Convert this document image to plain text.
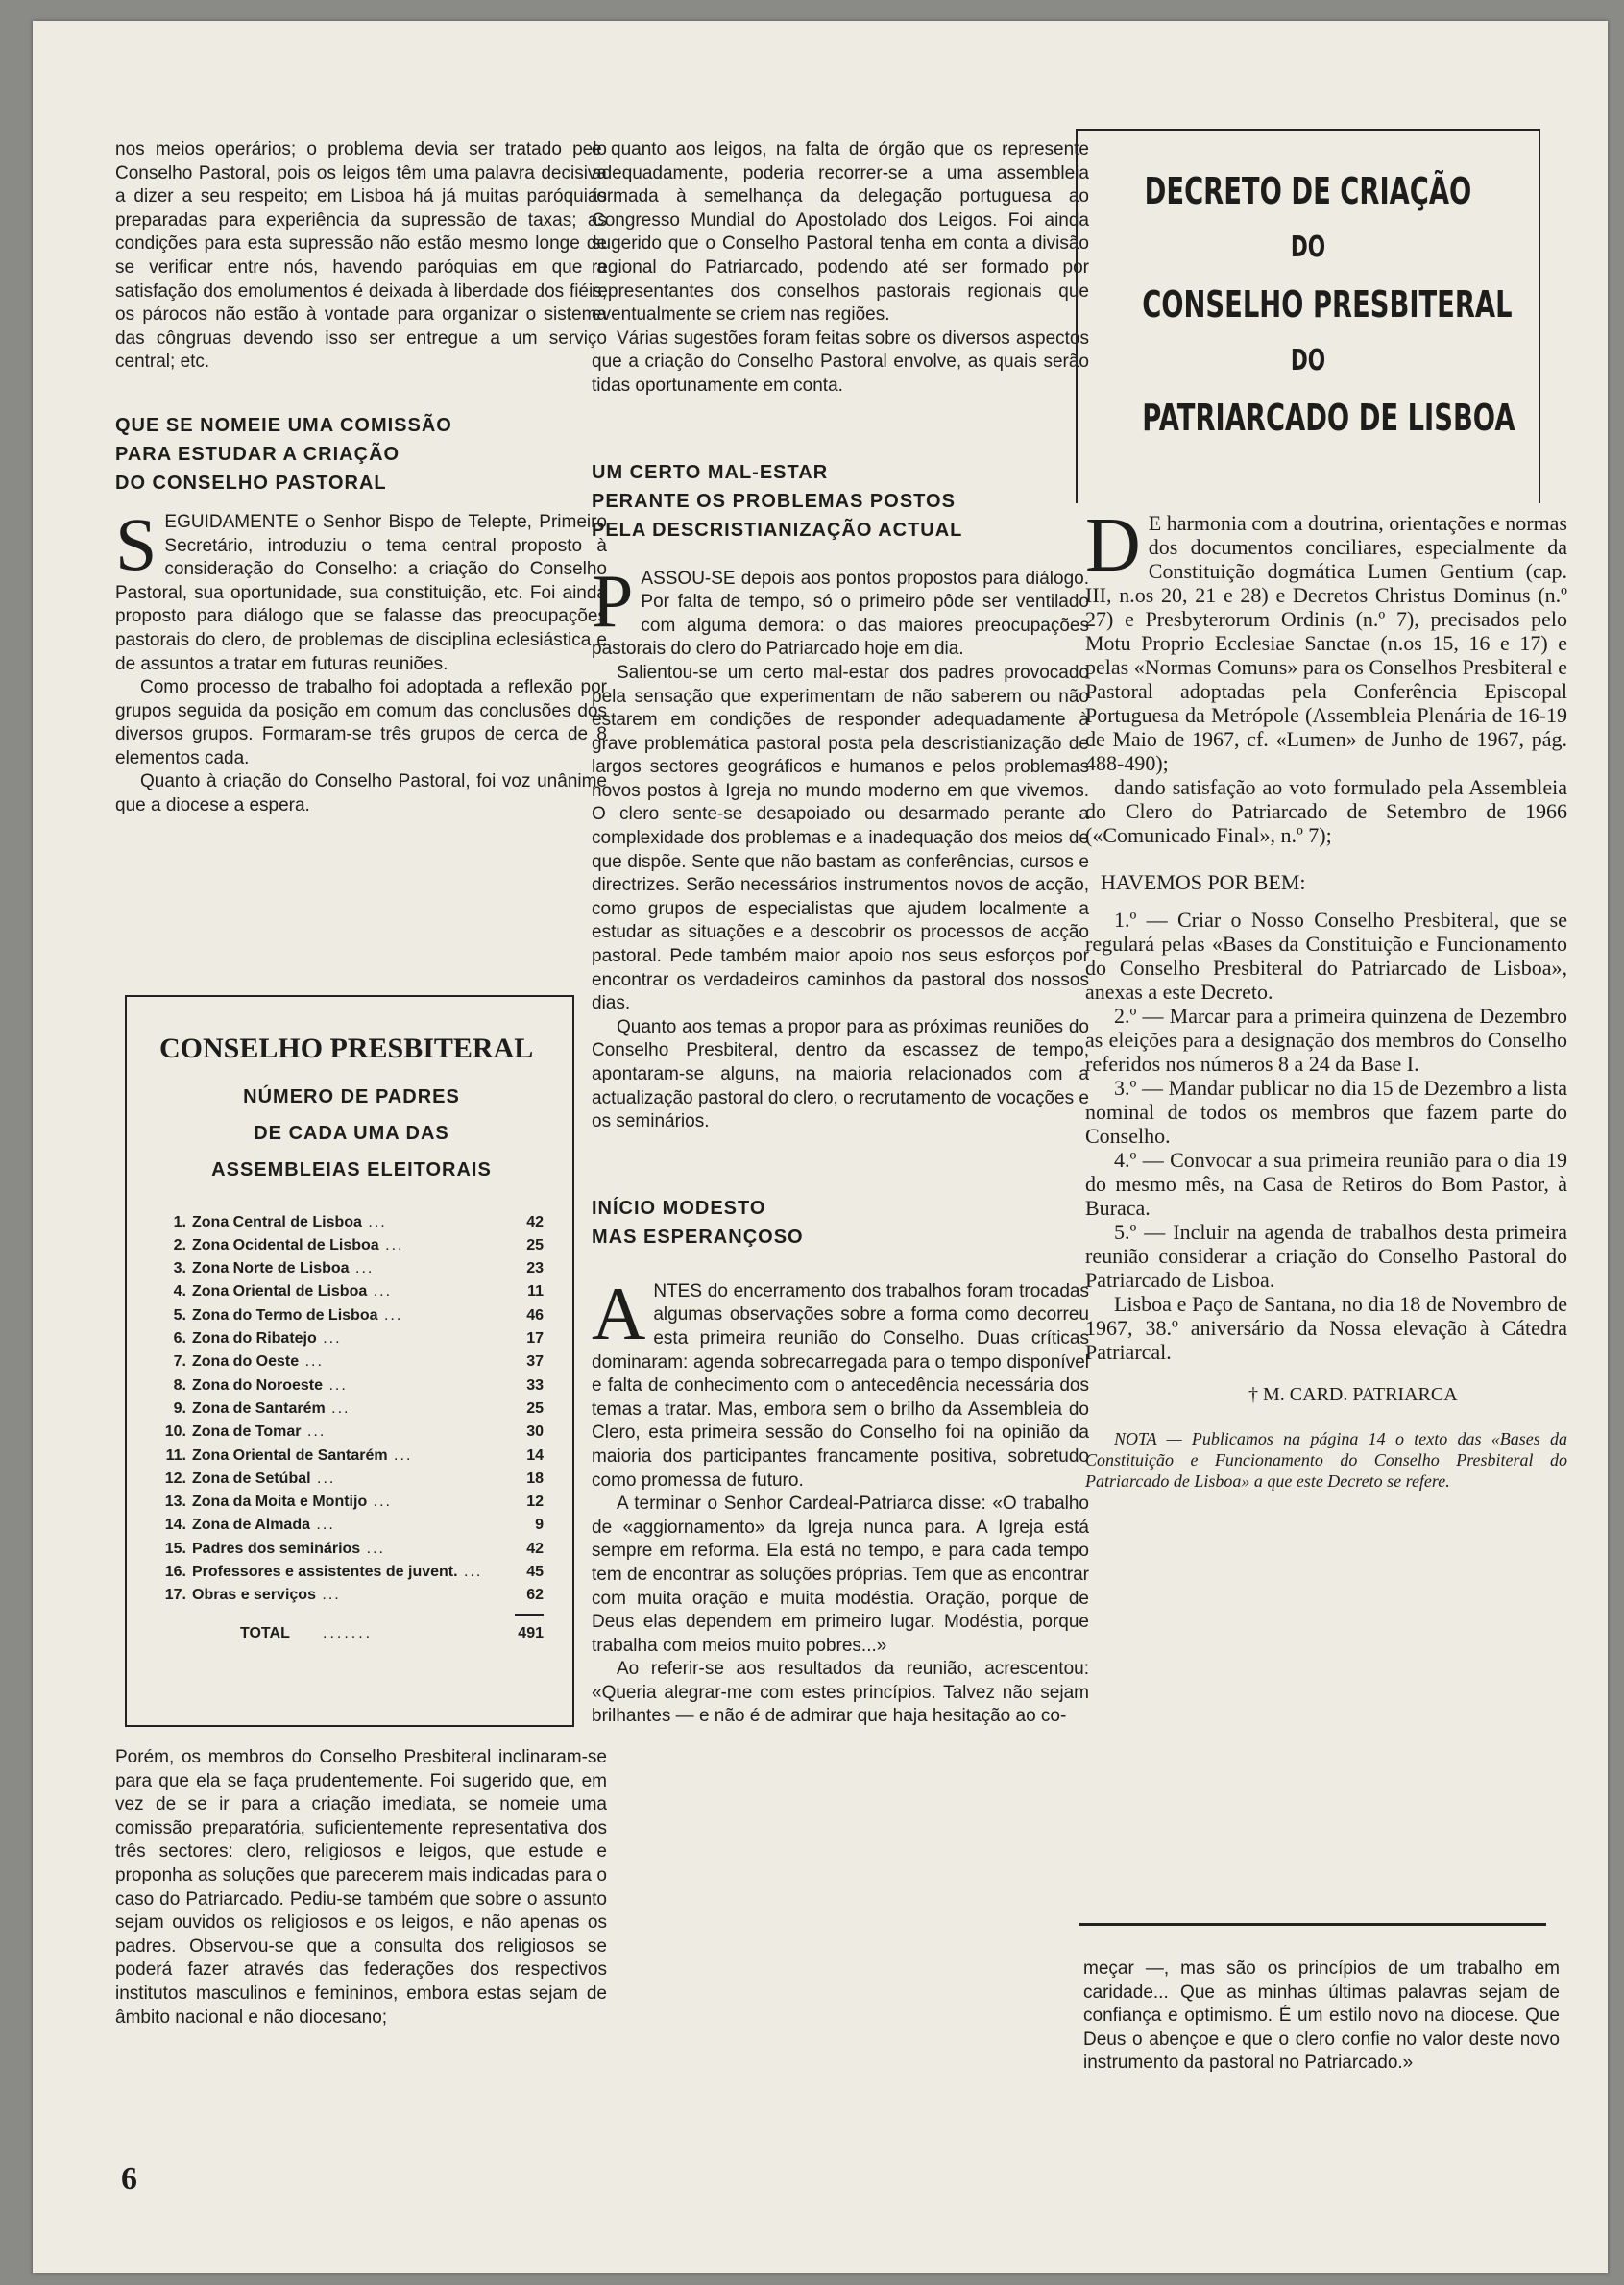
nos meios operários; o problema devia ser tratado pelo Conselho Pastoral, pois os leigos têm uma palavra decisiva a dizer a seu respeito; em Lisboa há já muitas paróquias preparadas para experiência da supressão de taxas; as condições para esta supressão não estão mesmo longe de se verificar entre nós, havendo paróquias em que a satisfação dos emolumentos é deixada à liberdade dos fiéis; os párocos não estão à vontade para organizar o sistema das côngruas devendo isso ser entregue a um serviço central; etc.

QUE SE NOMEIE UMA COMISSÃO

PARA ESTUDAR A CRIAÇÃO

DO CONSELHO PASTORAL

SEGUIDAMENTE o Senhor Bispo de Telepte, Primeiro Secretário, introduziu o tema central proposto à consideração do Conselho: a criação do Conselho Pastoral, sua oportunidade, sua constituição, etc. Foi ainda proposto para diálogo que se falasse das preocupações pastorais do clero, de problemas de disciplina eclesiástica e de assuntos a tratar em futuras reuniões.

Como processo de trabalho foi adoptada a reflexão por grupos seguida da posição em comum das conclusões dos diversos grupos. Formaram-se três grupos de cerca de 8 elementos cada.

Quanto à criação do Conselho Pastoral, foi voz unânime que a diocese a espera.

CONSELHO PRESBITERAL

NÚMERO DE PADRES

DE CADA UMA DAS

ASSEMBLEIAS ELEITORAIS

1.	Zona Central de Lisboa ...	42
2.	Zona Ocidental de Lisboa ...	25
3.	Zona Norte de Lisboa ...	23
4.	Zona Oriental de Lisboa ...	11
5.	Zona do Termo de Lisboa ...	46
6.	Zona do Ribatejo ...	17
7.	Zona do Oeste ...	37
8.	Zona do Noroeste ...	33
9.	Zona de Santarém ...	25
10.	Zona de Tomar ...	30
11.	Zona Oriental de Santarém ...	14
12.	Zona de Setúbal ...	18
13.	Zona da Moita e Montijo ...	12
14.	Zona de Almada ...	9
15.	Padres dos seminários ...	42
16.	Professores e assistentes de juvent. ...	45
17.	Obras e serviços ...	62
TOTAL .......	491

Porém, os membros do Conselho Presbiteral inclinaram-se para que ela se faça prudentemente. Foi sugerido que, em vez de se ir para a criação imediata, se nomeie uma comissão preparatória, suficientemente representativa dos três sectores: clero, religiosos e leigos, que estude e proponha as soluções que parecerem mais indicadas para o caso do Patriarcado. Pediu-se também que sobre o assunto sejam ouvidos os religiosos e os leigos, e não apenas os padres. Observou-se que a consulta dos religiosos se poderá fazer através das federações dos respectivos institutos masculinos e femininos, embora estas sejam de âmbito nacional e não diocesano;

e quanto aos leigos, na falta de órgão que os represente adequadamente, poderia recorrer-se a uma assembleia formada à semelhança da delegação portuguesa ao Congresso Mundial do Apostolado dos Leigos. Foi ainda sugerido que o Conselho Pastoral tenha em conta a divisão regional do Patriarcado, podendo até ser formado por representantes dos conselhos pastorais regionais que eventualmente se criem nas regiões.

Várias sugestões foram feitas sobre os diversos aspectos que a criação do Conselho Pastoral envolve, as quais serão tidas oportunamente em conta.

UM CERTO MAL-ESTAR

PERANTE OS PROBLEMAS POSTOS

PELA DESCRISTIANIZAÇÃO ACTUAL

PASSOU-SE depois aos pontos propostos para diálogo. Por falta de tempo, só o primeiro pôde ser ventilado com alguma demora: o das maiores preocupações pastorais do clero do Patriarcado hoje em dia.

Salientou-se um certo mal-estar dos padres provocado pela sensação que experimentam de não saberem ou não estarem em condições de responder adequadamente à grave problemática pastoral posta pela descristianização de largos sectores geográficos e humanos e pelos problemas novos postos à Igreja no mundo moderno em que vivemos. O clero sente-se desapoiado ou desarmado perante a complexidade dos problemas e a inadequação dos meios de que dispõe. Sente que não bastam as conferências, cursos e directrizes. Serão necessários instrumentos novos de acção, como grupos de especialistas que ajudem localmente a estudar as situações e a descobrir os processos de acção pastoral. Pede também maior apoio nos seus esforços por encontrar os verdadeiros caminhos da pastoral dos nossos dias.

Quanto aos temas a propor para as próximas reuniões do Conselho Presbiteral, dentro da escassez de tempo, apontaram-se alguns, na maioria relacionados com a actualização pastoral do clero, o recrutamento de vocações e os seminários.

INÍCIO MODESTO

MAS ESPERANÇOSO

ANTES do encerramento dos trabalhos foram trocadas algumas observações sobre a forma como decorreu esta primeira reunião do Conselho. Duas críticas dominaram: agenda sobrecarregada para o tempo disponível e falta de conhecimento com o antecedência necessária dos temas a tratar. Mas, embora sem o brilho da Assembleia do Clero, esta primeira sessão do Conselho foi na opinião da maioria dos participantes francamente positiva, sobretudo como promessa de futuro.

A terminar o Senhor Cardeal-Patriarca disse: «O trabalho de «aggiornamento» da Igreja nunca para. A Igreja está sempre em reforma. Ela está no tempo, e para cada tempo tem de encontrar as soluções próprias. Tem que as encontrar com muita oração e muita modéstia. Oração, porque de Deus elas dependem em primeiro lugar. Modéstia, porque trabalha com meios muito pobres...»

Ao referir-se aos resultados da reunião, acrescentou: «Queria alegrar-me com estes princípios. Talvez não sejam brilhantes — e não é de admirar que haja hesitação ao co-

DECRETO DE CRIAÇÃO

DO

CONSELHO PRESBITERAL

DO

PATRIARCADO DE LISBOA

D E harmonia com a doutrina, orientações e normas dos documentos conciliares, especialmente da Constituição dogmática Lumen Gentium (cap. III, n.os 20, 21 e 28) e Decretos Christus Dominus (n.º 27) e Presbyterorum Ordinis (n.º 7), precisados pelo Motu Proprio Ecclesiae Sanctae (n.os 15, 16 e 17) e pelas «Normas Comuns» para os Conselhos Presbiteral e Pastoral adoptadas pela Conferência Episcopal Portuguesa da Metrópole (Assembleia Plenária de 16-19 de Maio de 1967, cf. «Lumen» de Junho de 1967, pág. 488-490);

dando satisfação ao voto formulado pela Assembleia do Clero do Patriarcado de Setembro de 1966 («Comunicado Final», n.º 7);

HAVEMOS POR BEM:

1.º — Criar o Nosso Conselho Presbiteral, que se regulará pelas «Bases da Constituição e Funcionamento do Conselho Presbiteral do Patriarcado de Lisboa», anexas a este Decreto.

2.º — Marcar para a primeira quinzena de Dezembro as eleições para a designação dos membros do Conselho referidos nos números 8 a 24 da Base I.

3.º — Mandar publicar no dia 15 de Dezembro a lista nominal de todos os membros que fazem parte do Conselho.

4.º — Convocar a sua primeira reunião para o dia 19 do mesmo mês, na Casa de Retiros do Bom Pastor, à Buraca.

5.º — Incluir na agenda de trabalhos desta primeira reunião considerar a criação do Conselho Pastoral do Patriarcado de Lisboa.

Lisboa e Paço de Santana, no dia 18 de Novembro de 1967, 38.º aniversário da Nossa elevação à Cátedra Patriarcal.

† M. CARD. PATRIARCA

NOTA — Publicamos na página 14 o texto das «Bases da Constituição e Funcionamento do Conselho Presbiteral do Patriarcado de Lisboa» a que este Decreto se refere.

meçar —, mas são os princípios de um trabalho em caridade... Que as minhas últimas palavras sejam de confiança e optimismo. É um estilo novo na diocese. Que Deus o abençoe e que o clero confie no valor deste novo instrumento da pastoral no Patriarcado.»

6
